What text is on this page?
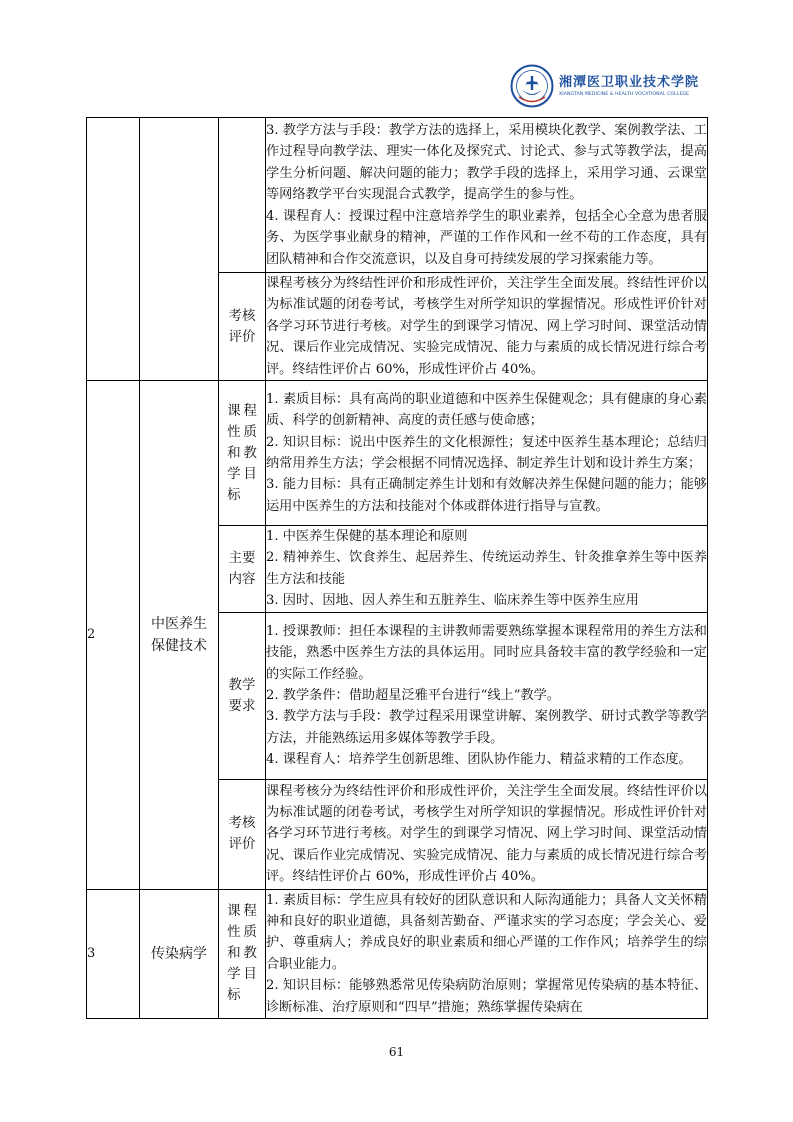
湘潭医卫职业技术学院
XIANGTAN MEDICINE & HEALTH VOCATIONAL COLLEGE

			3. 教学方法与手段：教学方法的选择上，采用模块化教学、案例教学法、工作过程导向教学法、理实一体化及探究式、讨论式、参与式等教学法，提高学生分析问题、解决问题的能力；教学手段的选择上，采用学习通、云课堂等网络教学平台实现混合式教学，提高学生的参与性。

4. 课程育人：授课过程中注意培养学生的职业素养，包括全心全意为患者服务、为医学事业献身的精神，严谨的工作作风和一丝不苟的工作态度，具有团队精神和合作交流意识，以及自身可持续发展的学习探索能力等。

		考核评价	课程考核分为终结性评价和形成性评价，关注学生全面发展。终结性评价以为标准试题的闭卷考试，考核学生对所学知识的掌握情况。形成性评价针对各学习环节进行考核。对学生的到课学习情况、网上学习时间、课堂活动情况、课后作业完成情况、实验完成情况、能力与素质的成长情况进行综合考评。终结性评价占 60%，形成性评价占 40%。

2	中医养生保健技术	课程性质和教学目标	1. 素质目标：具有高尚的职业道德和中医养生保健观念；具有健康的身心素质、科学的创新精神、高度的责任感与使命感；

2. 知识目标：说出中医养生的文化根源性；复述中医养生基本理论；总结归纳常用养生方法；学会根据不同情况选择、制定养生计划和设计养生方案；

3. 能力目标：具有正确制定养生计划和有效解决养生保健问题的能力；能够运用中医养生的方法和技能对个体或群体进行指导与宣教。

		主要内容	1. 中医养生保健的基本理论和原则

2. 精神养生、饮食养生、起居养生、传统运动养生、针灸推拿养生等中医养生方法和技能

3. 因时、因地、因人养生和五脏养生、临床养生等中医养生应用

		教学要求	1. 授课教师：担任本课程的主讲教师需要熟练掌握本课程常用的养生方法和技能，熟悉中医养生方法的具体运用。同时应具备较丰富的教学经验和一定的实际工作经验。

2. 教学条件：借助超星泛雅平台进行“线上”教学。

3. 教学方法与手段：教学过程采用课堂讲解、案例教学、研讨式教学等教学方法，并能熟练运用多媒体等教学手段。

4. 课程育人：培养学生创新思维、团队协作能力、精益求精的工作态度。

		考核评价	课程考核分为终结性评价和形成性评价，关注学生全面发展。终结性评价以为标准试题的闭卷考试，考核学生对所学知识的掌握情况。形成性评价针对各学习环节进行考核。对学生的到课学习情况、网上学习时间、课堂活动情况、课后作业完成情况、实验完成情况、能力与素质的成长情况进行综合考评。终结性评价占 60%，形成性评价占 40%。

3	传染病学	课程性质和教学目标	1. 素质目标：学生应具有较好的团队意识和人际沟通能力；具备人文关怀精神和良好的职业道德，具备刻苦勤奋、严谨求实的学习态度；学会关心、爱护、尊重病人；养成良好的职业素质和细心严谨的工作作风；培养学生的综合职业能力。

2. 知识目标：能够熟悉常见传染病防治原则；掌握常见传染病的基本特征、诊断标准、治疗原则和“四早”措施；熟练掌握传染病在

61
